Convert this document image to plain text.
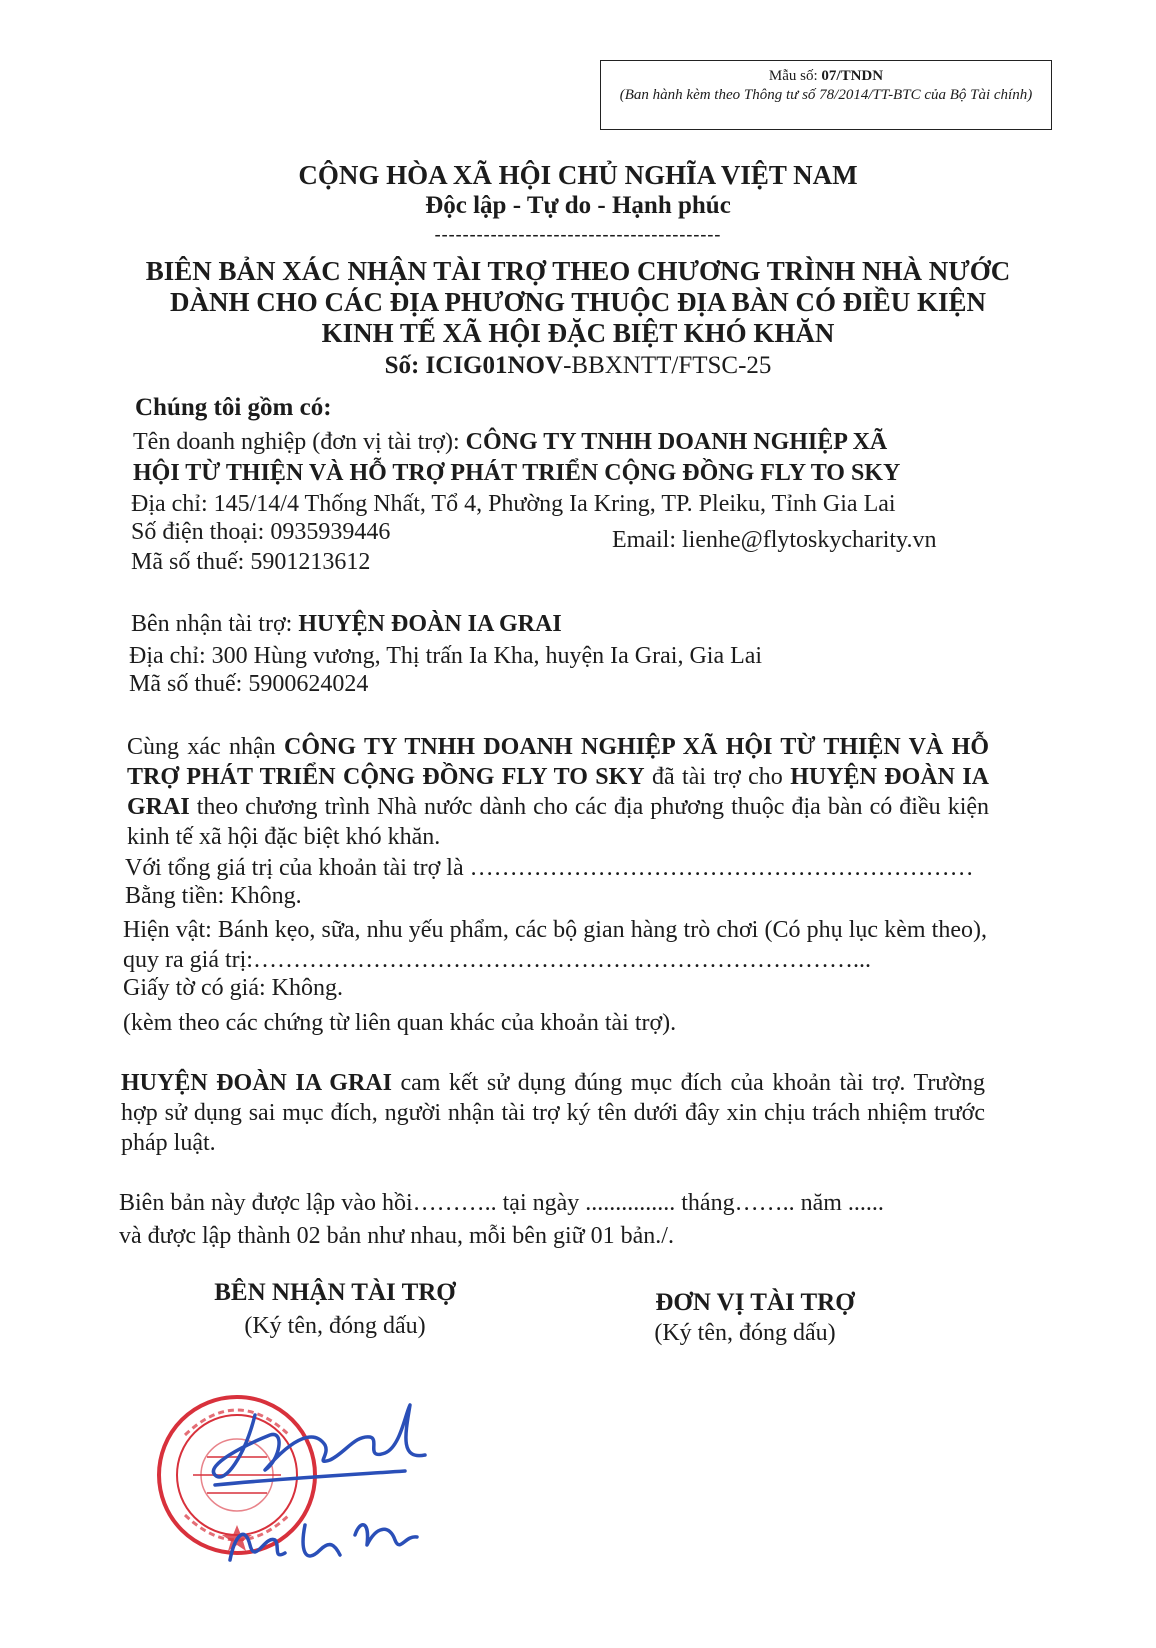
Mẫu số: 07/TNDN
(Ban hành kèm theo Thông tư số 78/2014/TT-BTC của Bộ Tài chính)
CỘNG HÒA XÃ HỘI CHỦ NGHĨA VIỆT NAM
Độc lập - Tự do - Hạnh phúc
-----------------------------------------
BIÊN BẢN XÁC NHẬN TÀI TRỢ THEO CHƯƠNG TRÌNH NHÀ NƯỚC
DÀNH CHO CÁC ĐỊA PHƯƠNG THUỘC ĐỊA BÀN CÓ ĐIỀU KIỆN
KINH TẾ XÃ HỘI ĐẶC BIỆT KHÓ KHĂN
Số: ICIG01NOV-BBXNTT/FTSC-25
Chúng tôi gồm có:
Tên doanh nghiệp (đơn vị tài trợ): CÔNG TY TNHH DOANH NGHIỆP XÃ
HỘI TỪ THIỆN VÀ HỖ TRỢ PHÁT TRIỂN CỘNG ĐỒNG FLY TO SKY
Địa chỉ: 145/14/4 Thống Nhất, Tổ 4, Phường Ia Kring, TP. Pleiku, Tỉnh Gia Lai
Số điện thoại: 0935939446	Email: lienhe@flytoskycharity.vn
Mã số thuế: 5901213612
Bên nhận tài trợ: HUYỆN ĐOÀN IA GRAI
Địa chỉ: 300 Hùng vương, Thị trấn Ia Kha, huyện Ia Grai, Gia Lai
Mã số thuế: 5900624024
Cùng xác nhận CÔNG TY TNHH DOANH NGHIỆP XÃ HỘI TỪ THIỆN VÀ HỖ TRỢ PHÁT TRIỂN CỘNG ĐỒNG FLY TO SKY đã tài trợ cho HUYỆN ĐOÀN IA GRAI theo chương trình Nhà nước dành cho các địa phương thuộc địa bàn có điều kiện kinh tế xã hội đặc biệt khó khăn.
Với tổng giá trị của khoản tài trợ là ………………………………………………………
Bằng tiền: Không.
Hiện vật: Bánh kẹo, sữa, nhu yếu phẩm, các bộ gian hàng trò chơi (Có phụ lục kèm theo), quy ra giá trị:…………………………………………………………………...
Giấy tờ có giá: Không.
(kèm theo các chứng từ liên quan khác của khoản tài trợ).
HUYỆN ĐOÀN IA GRAI cam kết sử dụng đúng mục đích của khoản tài trợ. Trường hợp sử dụng sai mục đích, người nhận tài trợ ký tên dưới đây xin chịu trách nhiệm trước pháp luật.
Biên bản này được lập vào hồi……….. tại ngày ............... tháng…….. năm ......
và được lập thành 02 bản như nhau, mỗi bên giữ 01 bản./.
BÊN NHẬN TÀI TRỢ
(Ký tên, đóng dấu)
ĐƠN VỊ TÀI TRỢ
(Ký tên, đóng dấu)
